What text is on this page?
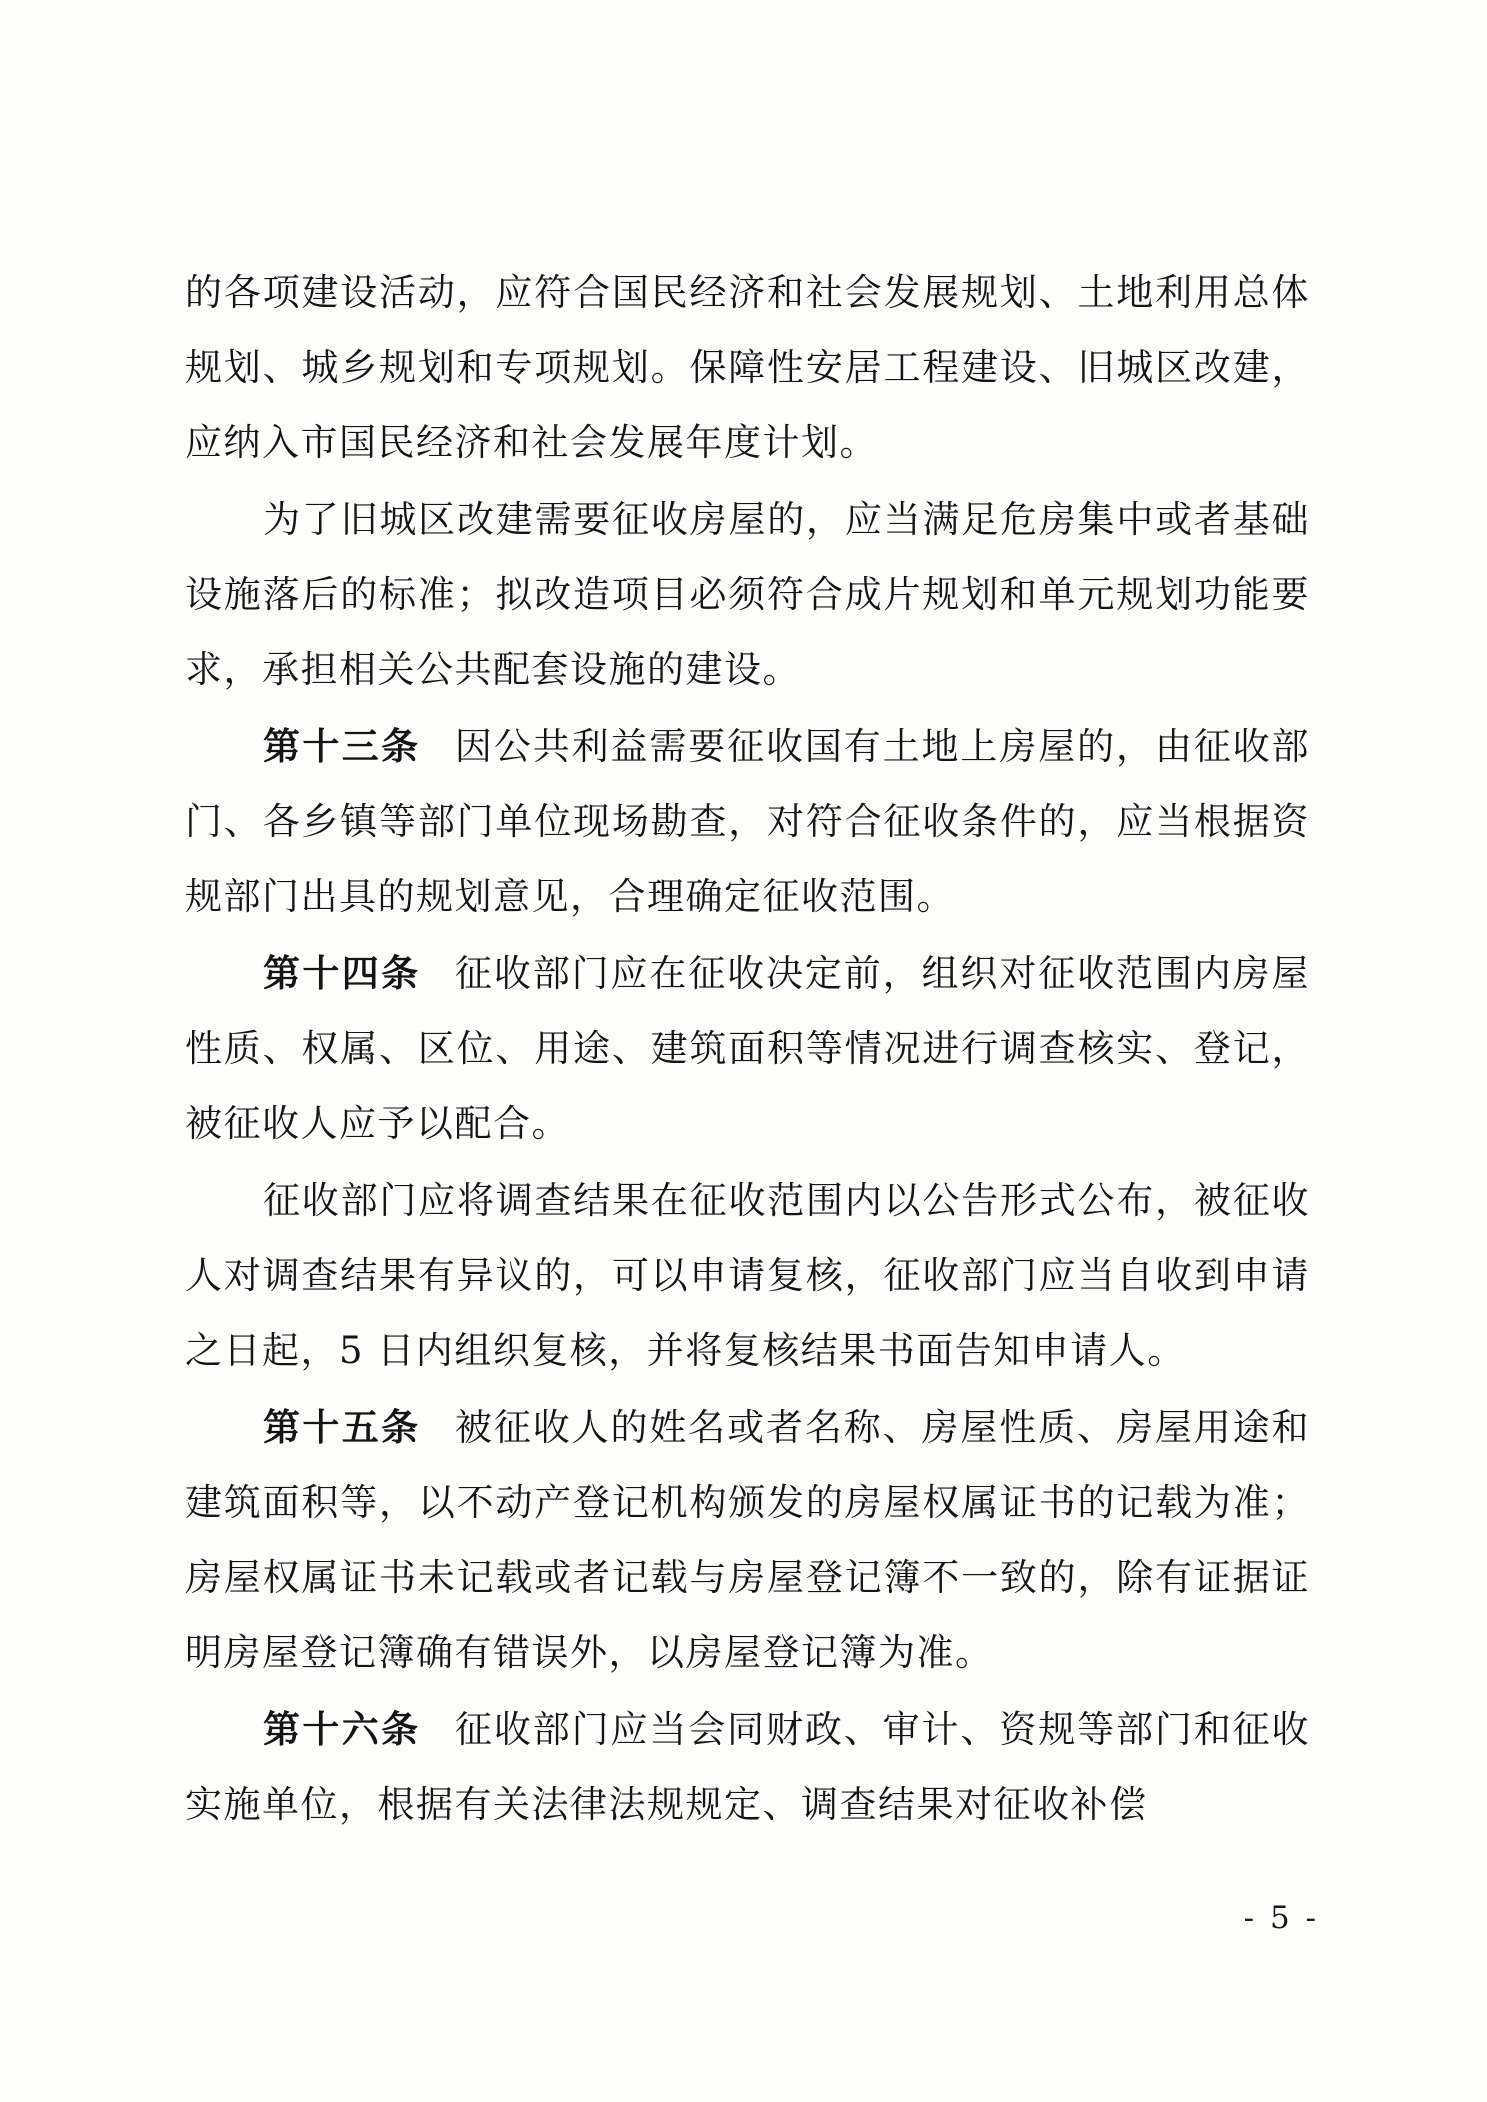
的各项建设活动，应符合国民经济和社会发展规划、土地利用总体规划、城乡规划和专项规划。保障性安居工程建设、旧城区改建，应纳入市国民经济和社会发展年度计划。

为了旧城区改建需要征收房屋的，应当满足危房集中或者基础设施落后的标准；拟改造项目必须符合成片规划和单元规划功能要求，承担相关公共配套设施的建设。

第十三条 因公共利益需要征收国有土地上房屋的，由征收部门、各乡镇等部门单位现场勘查，对符合征收条件的，应当根据资规部门出具的规划意见，合理确定征收范围。

第十四条 征收部门应在征收决定前，组织对征收范围内房屋性质、权属、区位、用途、建筑面积等情况进行调查核实、登记，被征收人应予以配合。

征收部门应将调查结果在征收范围内以公告形式公布，被征收人对调查结果有异议的，可以申请复核，征收部门应当自收到申请之日起，5 日内组织复核，并将复核结果书面告知申请人。

第十五条 被征收人的姓名或者名称、房屋性质、房屋用途和建筑面积等，以不动产登记机构颁发的房屋权属证书的记载为准；房屋权属证书未记载或者记载与房屋登记簿不一致的，除有证据证明房屋登记簿确有错误外，以房屋登记簿为准。

第十六条 征收部门应当会同财政、审计、资规等部门和征收实施单位，根据有关法律法规规定、调查结果对征收补偿

- 5 -
